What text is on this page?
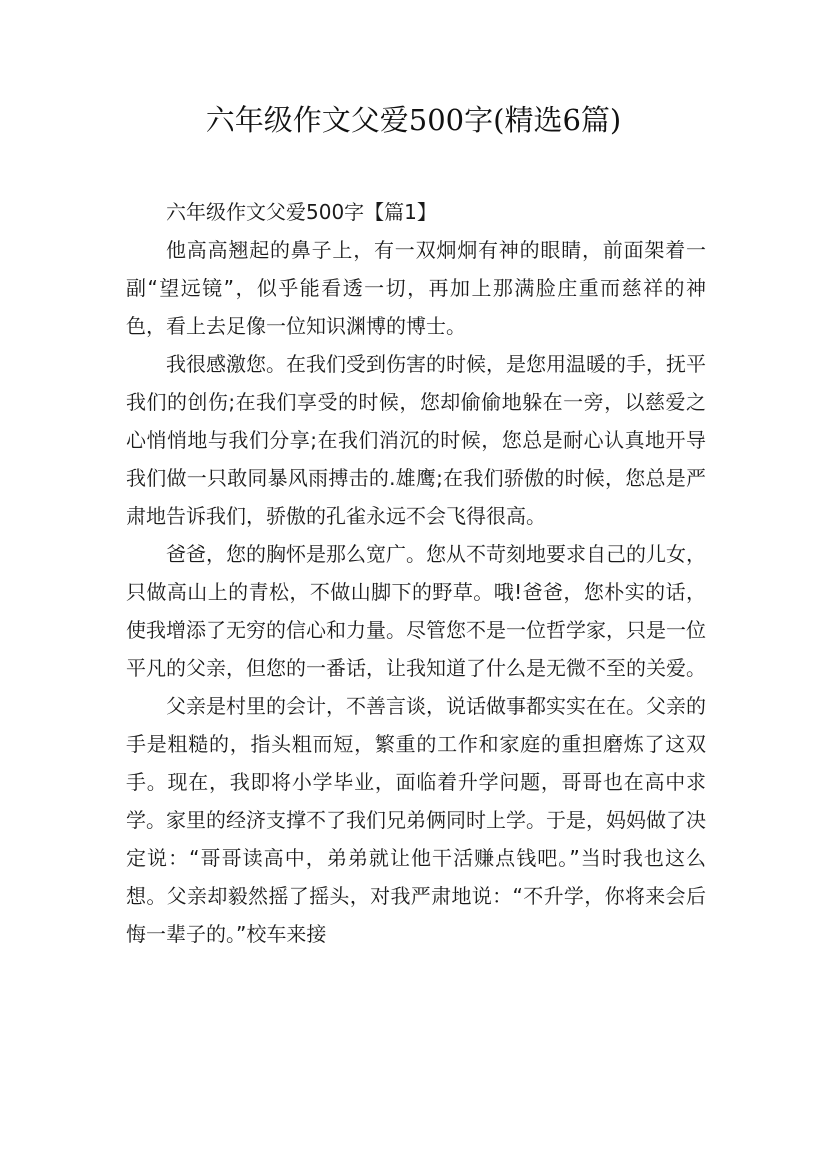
六年级作文父爱500字(精选6篇)

六年级作文父爱500字【篇1】

他高高翘起的鼻子上，有一双炯炯有神的眼睛，前面架着一副“望远镜”，似乎能看透一切，再加上那满脸庄重而慈祥的神色，看上去足像一位知识渊博的博士。

我很感激您。在我们受到伤害的时候，是您用温暖的手，抚平我们的创伤;在我们享受的时候，您却偷偷地躲在一旁，以慈爱之心悄悄地与我们分享;在我们消沉的时候，您总是耐心认真地开导我们做一只敢同暴风雨搏击的.雄鹰;在我们骄傲的时候，您总是严肃地告诉我们，骄傲的孔雀永远不会飞得很高。

爸爸，您的胸怀是那么宽广。您从不苛刻地要求自己的儿女，只做高山上的青松，不做山脚下的野草。哦!爸爸，您朴实的话，使我增添了无穷的信心和力量。尽管您不是一位哲学家，只是一位平凡的父亲，但您的一番话，让我知道了什么是无微不至的关爱。

父亲是村里的会计，不善言谈，说话做事都实实在在。父亲的手是粗糙的，指头粗而短，繁重的工作和家庭的重担磨炼了这双手。现在，我即将小学毕业，面临着升学问题，哥哥也在高中求学。家里的经济支撑不了我们兄弟俩同时上学。于是，妈妈做了决定说：“哥哥读高中，弟弟就让他干活赚点钱吧。”当时我也这么想。父亲却毅然摇了摇头，对我严肃地说：“不升学，你将来会后悔一辈子的。”校车来接
